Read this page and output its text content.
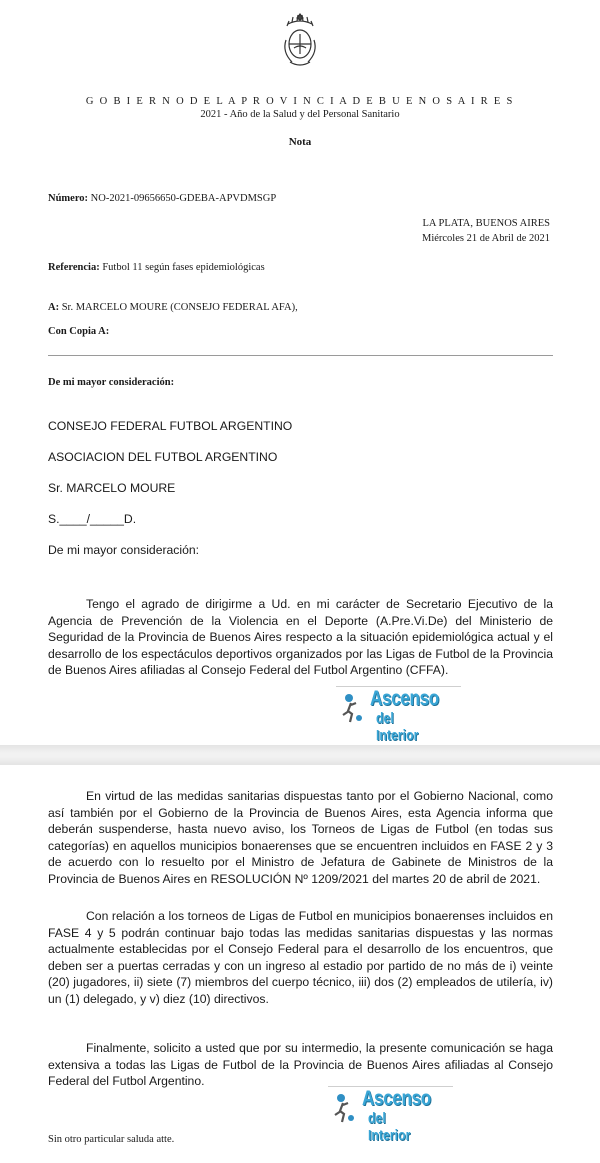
G O B I E R N O D E L A P R O V I N C I A D E B U E N O S A I R E S
2021 - Año de la Salud y del Personal Sanitario
Nota
Número: NO-2021-09656650-GDEBA-APVDMSGP
LA PLATA, BUENOS AIRES
Miércoles 21 de Abril de 2021
Referencia: Futbol 11 según fases epidemiológicas
A: Sr. MARCELO MOURE (CONSEJO FEDERAL AFA),
Con Copia A:
De mi mayor consideración:
CONSEJO FEDERAL FUTBOL ARGENTINO
ASOCIACION DEL FUTBOL ARGENTINO
Sr. MARCELO MOURE
S.____/_____D.
De mi mayor consideración:
Tengo el agrado de dirigirme a Ud. en mi carácter de Secretario Ejecutivo de la Agencia de Prevención de la Violencia en el Deporte (A.Pre.Vi.De) del Ministerio de Seguridad de la Provincia de Buenos Aires respecto a la situación epidemiológica actual y el desarrollo de los espectáculos deportivos organizados por las Ligas de Futbol de la Provincia de Buenos Aires afiliadas al Consejo Federal del Futbol Argentino (CFFA).
Ascenso
del Interior
En virtud de las medidas sanitarias dispuestas tanto por el Gobierno Nacional, como así también por el Gobierno de la Provincia de Buenos Aires, esta Agencia informa que deberán suspenderse, hasta nuevo aviso, los Torneos de Ligas de Futbol (en todas sus categorías) en aquellos municipios bonaerenses que se encuentren incluidos en FASE 2 y 3 de acuerdo con lo resuelto por el Ministro de Jefatura de Gabinete de Ministros de la Provincia de Buenos Aires en RESOLUCIÓN Nº 1209/2021 del martes 20 de abril de 2021.
Con relación a los torneos de Ligas de Futbol en municipios bonaerenses incluidos en FASE 4 y 5 podrán continuar bajo todas las medidas sanitarias dispuestas y las normas actualmente establecidas por el Consejo Federal para el desarrollo de los encuentros, que deben ser a puertas cerradas y con un ingreso al estadio por partido de no más de i) veinte (20) jugadores, ii) siete (7) miembros del cuerpo técnico, iii) dos (2) empleados de utilería, iv) un (1) delegado, y v) diez (10) directivos.
Finalmente, solicito a usted que por su intermedio, la presente comunicación se haga extensiva a todas las Ligas de Futbol de la Provincia de Buenos Aires afiliadas al Consejo Federal del Futbol Argentino.
Ascenso
del Interior
Sin otro particular saluda atte.
